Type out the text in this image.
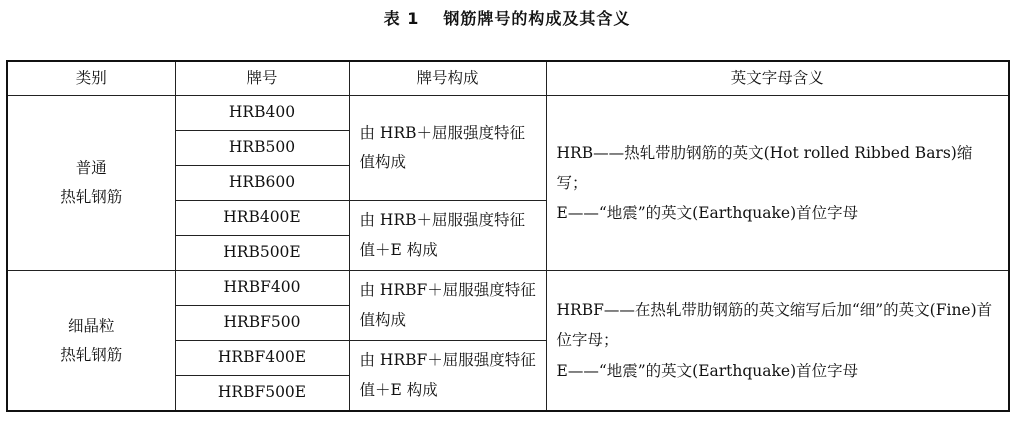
表 1 钢筋牌号的构成及其含义
类别	牌号	牌号构成	英文字母含义

普通
热轧钢筋	HRB400	由 HRB＋屈服强度特征值构成	HRB——热轧带肋钢筋的英文(Hot rolled Ribbed Bars)缩写；
E——“地震”的英文(Earthquake)首位字母

	HRB500		
	HRB600		
	HRB400E	由 HRB＋屈服强度特征值＋E 构成	
	HRB500E		

细晶粒
热轧钢筋	HRBF400	由 HRBF＋屈服强度特征值构成	HRBF——在热轧带肋钢筋的英文缩写后加“细”的英文(Fine)首位字母；
E——“地震”的英文(Earthquake)首位字母

	HRBF500		
	HRBF400E	由 HRBF＋屈服强度特征值＋E 构成	
	HRBF500E		
